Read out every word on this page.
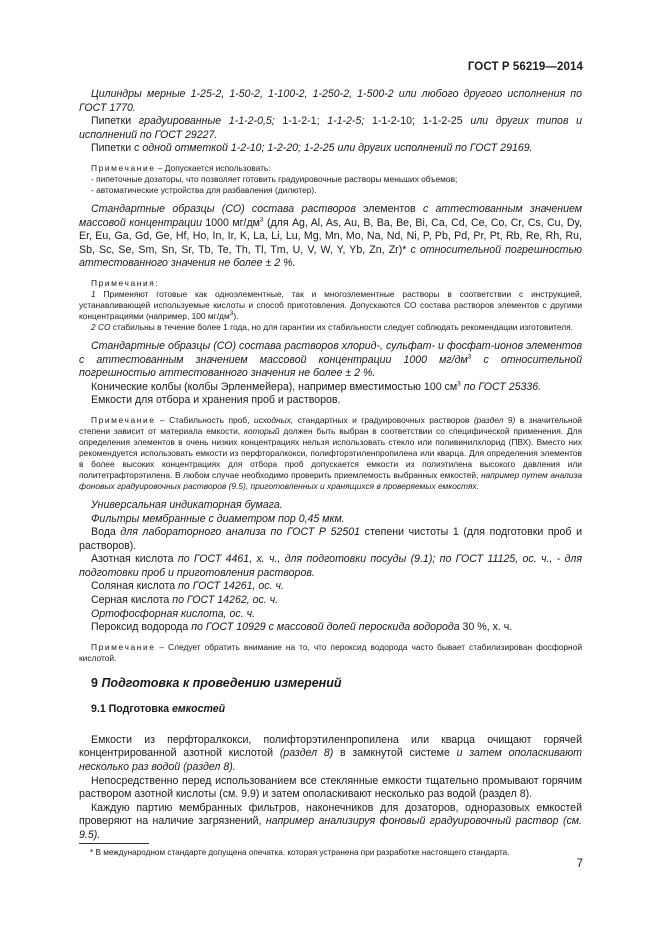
ГОСТ Р 56219—2014

Цилиндры мерные 1-25-2, 1-50-2, 1-100-2, 1-250-2, 1-500-2 или любого другого исполнения по ГОСТ 1770.

Пипетки градуированные 1-1-2-0,5; 1-1-2-1; 1-1-2-5; 1-1-2-10; 1-1-2-25 или других типов и исполнений по ГОСТ 29227.

Пипетки с одной отметкой 1-2-10; 1-2-20; 1-2-25 или других исполнений по ГОСТ 29169.

Примечание – Допускается использовать:
- пипеточные дозаторы, что позволяет готовить градуировочные растворы меньших объемов;
- автоматические устройства для разбавления (дилютер).

Стандартные образцы (СО) состава растворов элементов с аттестованным значением массовой концентрации 1000 $мг/дм^3$ (для Ag, Al, As, Au, B, Ba, Be, Bi, Ca, Cd, Ce, Co, Cr, Cs, Cu, Dy, Er, Eu, Ga, Gd, Ge, Hf, Ho, In, Ir, K, La, Li, Lu, Mg, Mn, Mo, Na, Nd, Ni, P, Pb, Pd, Pr, Pt, Rb, Re, Rh, Ru, Sb, Sc, Se, Sm, Sn, Sr, Tb, Te, Th, Tl, Tm, U, V, W, Y, Yb, Zn, Zr)* с относительной погрешностью аттестованного значения не более ± 2 %.

Примечания:

1 Применяют готовые как одноэлементные, так и многоэлементные растворы в соответствии с инструкцией, устанавливающей используемые кислоты и способ приготовления. Допускаются СО состава растворов элементов с другими концентрациями (например, 100 $мг/дм^3$).

2 СО стабильны в течение более 1 года, но для гарантии их стабильности следует соблюдать рекомендации изготовителя.

Стандартные образцы (СО) состава растворов хлорид-, сульфат- и фосфат-ионов элементов с аттестованным значением массовой концентрации 1000 $мг/дм^3$ с относительной погрешностью аттестованного значения не более ± 2 %.

Конические колбы (колбы Эрленмейера), например вместимостью 100 $см^3$ по ГОСТ 25336.

Емкости для отбора и хранения проб и растворов.

Примечание – Стабильность проб, исходных, стандартных и градуировочных растворов (раздел 9) в значительной степени зависит от материала емкости, который должен быть выбран в соответствии со специфической применения. Для определения элементов в очень низких концентрациях нельзя использовать стекло или поливинилхлорид (ПВХ). Вместо них рекомендуется использовать емкости из перфторалкокси, полифторэтиленпропилена или кварца. Для определения элементов в более высоких концентрациях для отбора проб допускается емкости из полиэтилена высокого давления или политетрафторэтилена. В любом случае необходимо проверить приемлемость выбранных емкостей, например путем анализа фоновых градуировочных растворов (9.5), приготовленных и хранящихся в проверяемых емкостях.

Универсальная индикаторная бумага.

Фильтры мембранные с диаметром пор 0,45 мкм.

Вода для лабораторного анализа по ГОСТ Р 52501 степени чистоты 1 (для подготовки проб и растворов).

Азотная кислота по ГОСТ 4461, х. ч., для подготовки посуды (9.1); по ГОСТ 11125, ос. ч., - для подготовки проб и приготовления растворов.

Соляная кислота по ГОСТ 14261, ос. ч.

Серная кислота по ГОСТ 14262, ос. ч.

Ортофосфорная кислота, ос. ч.

Пероксид водорода по ГОСТ 10929 с массовой долей пероскида водорода 30 %, х. ч.

Примечание – Следует обратить внимание на то, что пероксид водорода часто бывает стабилизирован фосфорной кислотой.

9 Подготовка к проведению измерений
9.1 Подготовка емкостей

Емкости из перфторалкокси, полифторэтиленпропилена или кварца очищают горячей концентрированной азотной кислотой (раздел 8) в замкнутой системе и затем ополаскивают несколько раз водой (раздел 8).

Непосредственно перед использованием все стеклянные емкости тщательно промывают горячим раствором азотной кислоты (см. 9.9) и затем ополаскивают несколько раз водой (раздел 8).

Каждую партию мембранных фильтров, наконечников для дозаторов, одноразовых емкостей проверяют на наличие загрязнений, например анализируя фоновый градуировочный раствор (см. 9.5).

* В международном стандарте допущена опечатка. которая устранена при разработке настоящего стандарта.
7
